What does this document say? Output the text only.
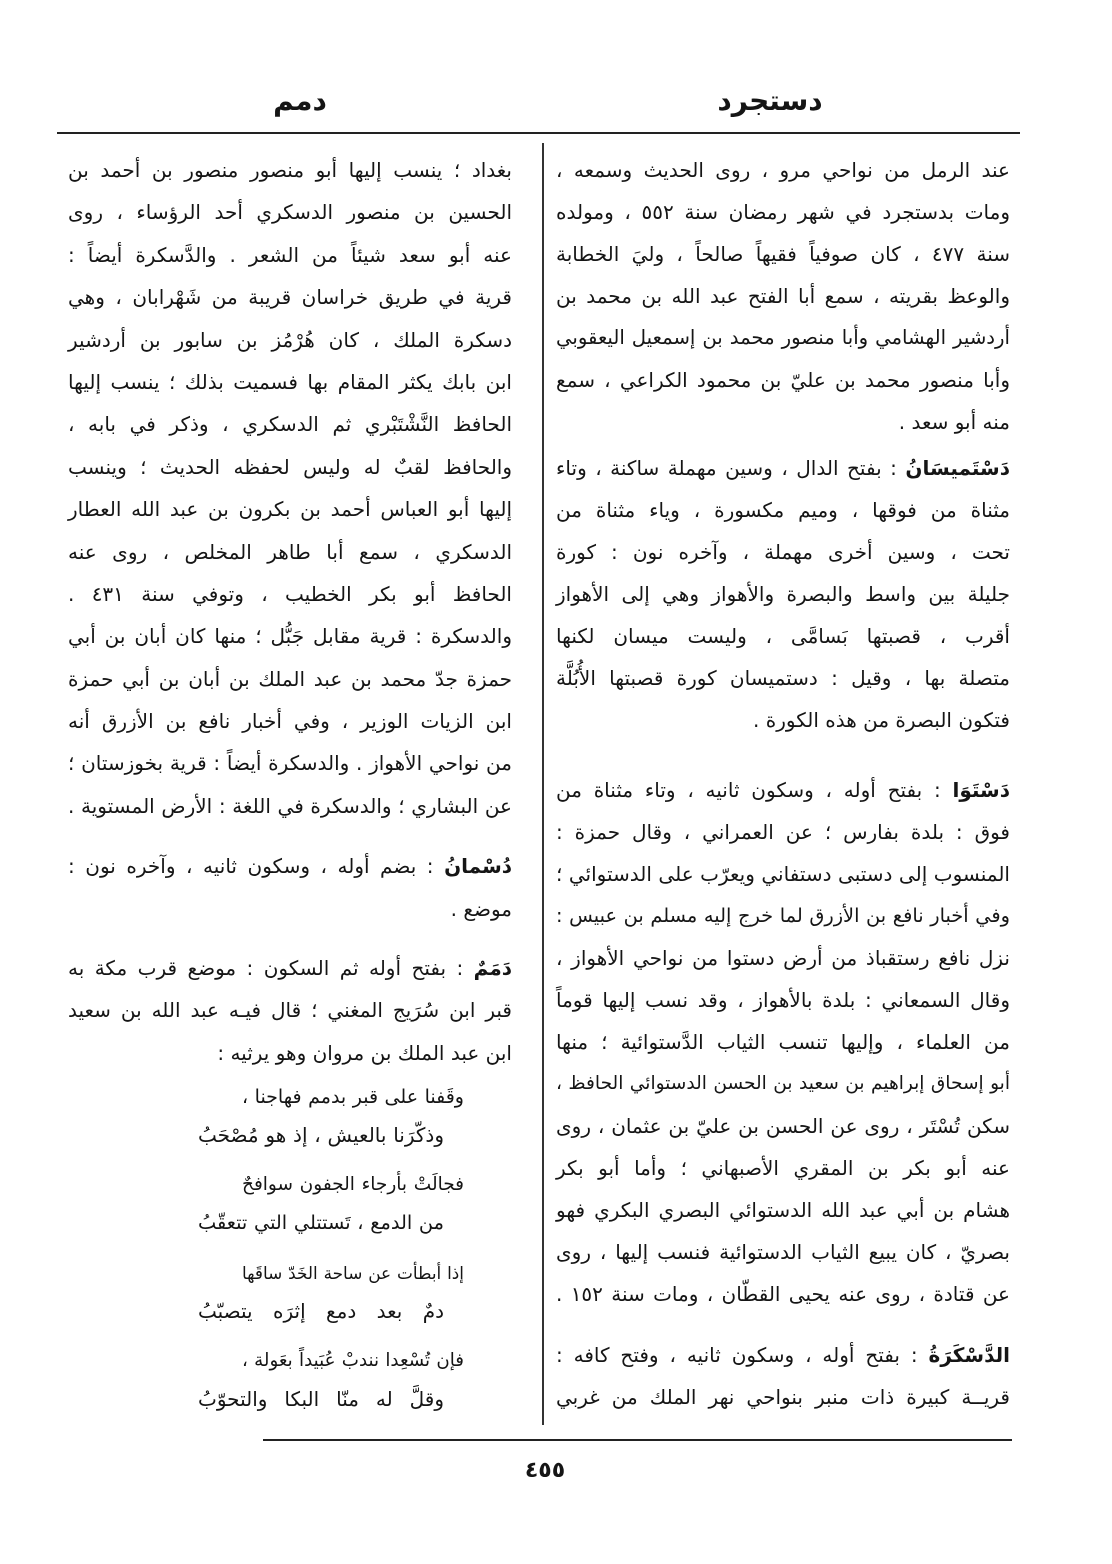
دستجرد
دمم
عند الرمل من نواحي مرو ، روى الحديث وسمعه ،
ومات بدستجرد في شهر رمضان سنة ٥٥٢ ، ومولده
سنة ٤٧٧ ، كان صوفياً فقيهاً صالحاً ، وليَ الخطابة
والوعظ بقريته ، سمع أبا الفتح عبد الله بن محمد بن
أردشير الهشامي وأبا منصور محمد بن إسمعيل اليعقوبي
وأبا منصور محمد بن عليّ بن محمود الكراعي ، سمع
منه أبو سعد .
دَسْتَميسَانُ : بفتح الدال ، وسين مهملة ساكنة ، وتاء
مثناة من فوقها ، وميم مكسورة ، وياء مثناة من
تحت ، وسين أخرى مهملة ، وآخره نون : كورة
جليلة بين واسط والبصرة والأهواز وهي إلى الأهواز
أقرب ، قصبتها بَسامَّى ، وليست ميسان لكنها
متصلة بها ، وقيل : دستميسان كورة قصبتها الأُبُلَّة
فتكون البصرة من هذه الكورة .
دَسْتَوَا : بفتح أوله ، وسكون ثانيه ، وتاء مثناة من
فوق : بلدة بفارس ؛ عن العمراني ، وقال حمزة :
المنسوب إلى دستبى دستفاني ويعرّب على الدستوائي ؛
وفي أخبار نافع بن الأزرق لما خرج إليه مسلم بن عبيس :
نزل نافع رستقباذ من أرض دستوا من نواحي الأهواز ،
وقال السمعاني : بلدة بالأهواز ، وقد نسب إليها قوماً
من العلماء ، وإليها تنسب الثياب الدَّستوائية ؛ منها
أبو إسحاق إبراهيم بن سعيد بن الحسن الدستوائي الحافظ ،
سكن تُسْتَر ، روى عن الحسن بن عليّ بن عثمان ، روى
عنه أبو بكر بن المقري الأصبهاني ؛ وأما أبو بكر
هشام بن أبي عبد الله الدستوائي البصري البكري فهو
بصريّ ، كان يبيع الثياب الدستوائية فنسب إليها ، روى
عن قتادة ، روى عنه يحيى القطّان ، ومات سنة ١٥٢ .
الدَّسْكَرَةُ : بفتح أوله ، وسكون ثانيه ، وفتح كافه :
قريــة كبيرة ذات منبر بنواحي نهر الملك من غربي
بغداد ؛ ينسب إليها أبو منصور منصور بن أحمد بن
الحسين بن منصور الدسكري أحد الرؤساء ، روى
عنه أبو سعد شيئاً من الشعر . والدَّسكرة أيضاً :
قرية في طريق خراسان قريبة من شَهْرابان ، وهي
دسكرة الملك ، كان هُرْمُز بن سابور بن أردشير
ابن بابك يكثر المقام بها فسميت بذلك ؛ ينسب إليها
الحافظ النَّشْتَبْري ثم الدسكري ، وذكر في بابه ،
والحافظ لقبٌ له وليس لحفظه الحديث ؛ وينسب
إليها أبو العباس أحمد بن بكرون بن عبد الله العطار
الدسكري ، سمع أبا طاهر المخلص ، روى عنه
الحافظ أبو بكر الخطيب ، وتوفي سنة ٤٣١ .
والدسكرة : قرية مقابل جَبُّل ؛ منها كان أبان بن أبي
حمزة جدّ محمد بن عبد الملك بن أبان بن أبي حمزة
ابن الزيات الوزير ، وفي أخبار نافع بن الأزرق أنه
من نواحي الأهواز . والدسكرة أيضاً : قرية بخوزستان ؛
عن البشاري ؛ والدسكرة في اللغة : الأرض المستوية .
دُسْمانُ : بضم أوله ، وسكون ثانيه ، وآخره نون :
موضع .
دَمَمٌ : بفتح أوله ثم السكون : موضع قرب مكة به
قبر ابن سُرَيج المغني ؛ قال فيـه عبد الله بن سعيد
ابن عبد الملك بن مروان وهو يرثيه :
وقَفنا على قبر بدمم فهاجنا ،
وذكّرَنا بالعيش ، إذ هو مُصْحَبُ
فجالَتْ بأرجاء الجفون سوافحٌ
من الدمع ، تَستتلي التي تتعقّبُ
إذا أبطأت عن ساحة الخَدّ ساقَها
دمٌ بعد دمع إثرَه يتصبّبُ
فإن تُسْعِدا نندبْ عُبَيداً بعَولة ،
وقلَّ له منّا البكا والتحوّبُ
٤٥٥
